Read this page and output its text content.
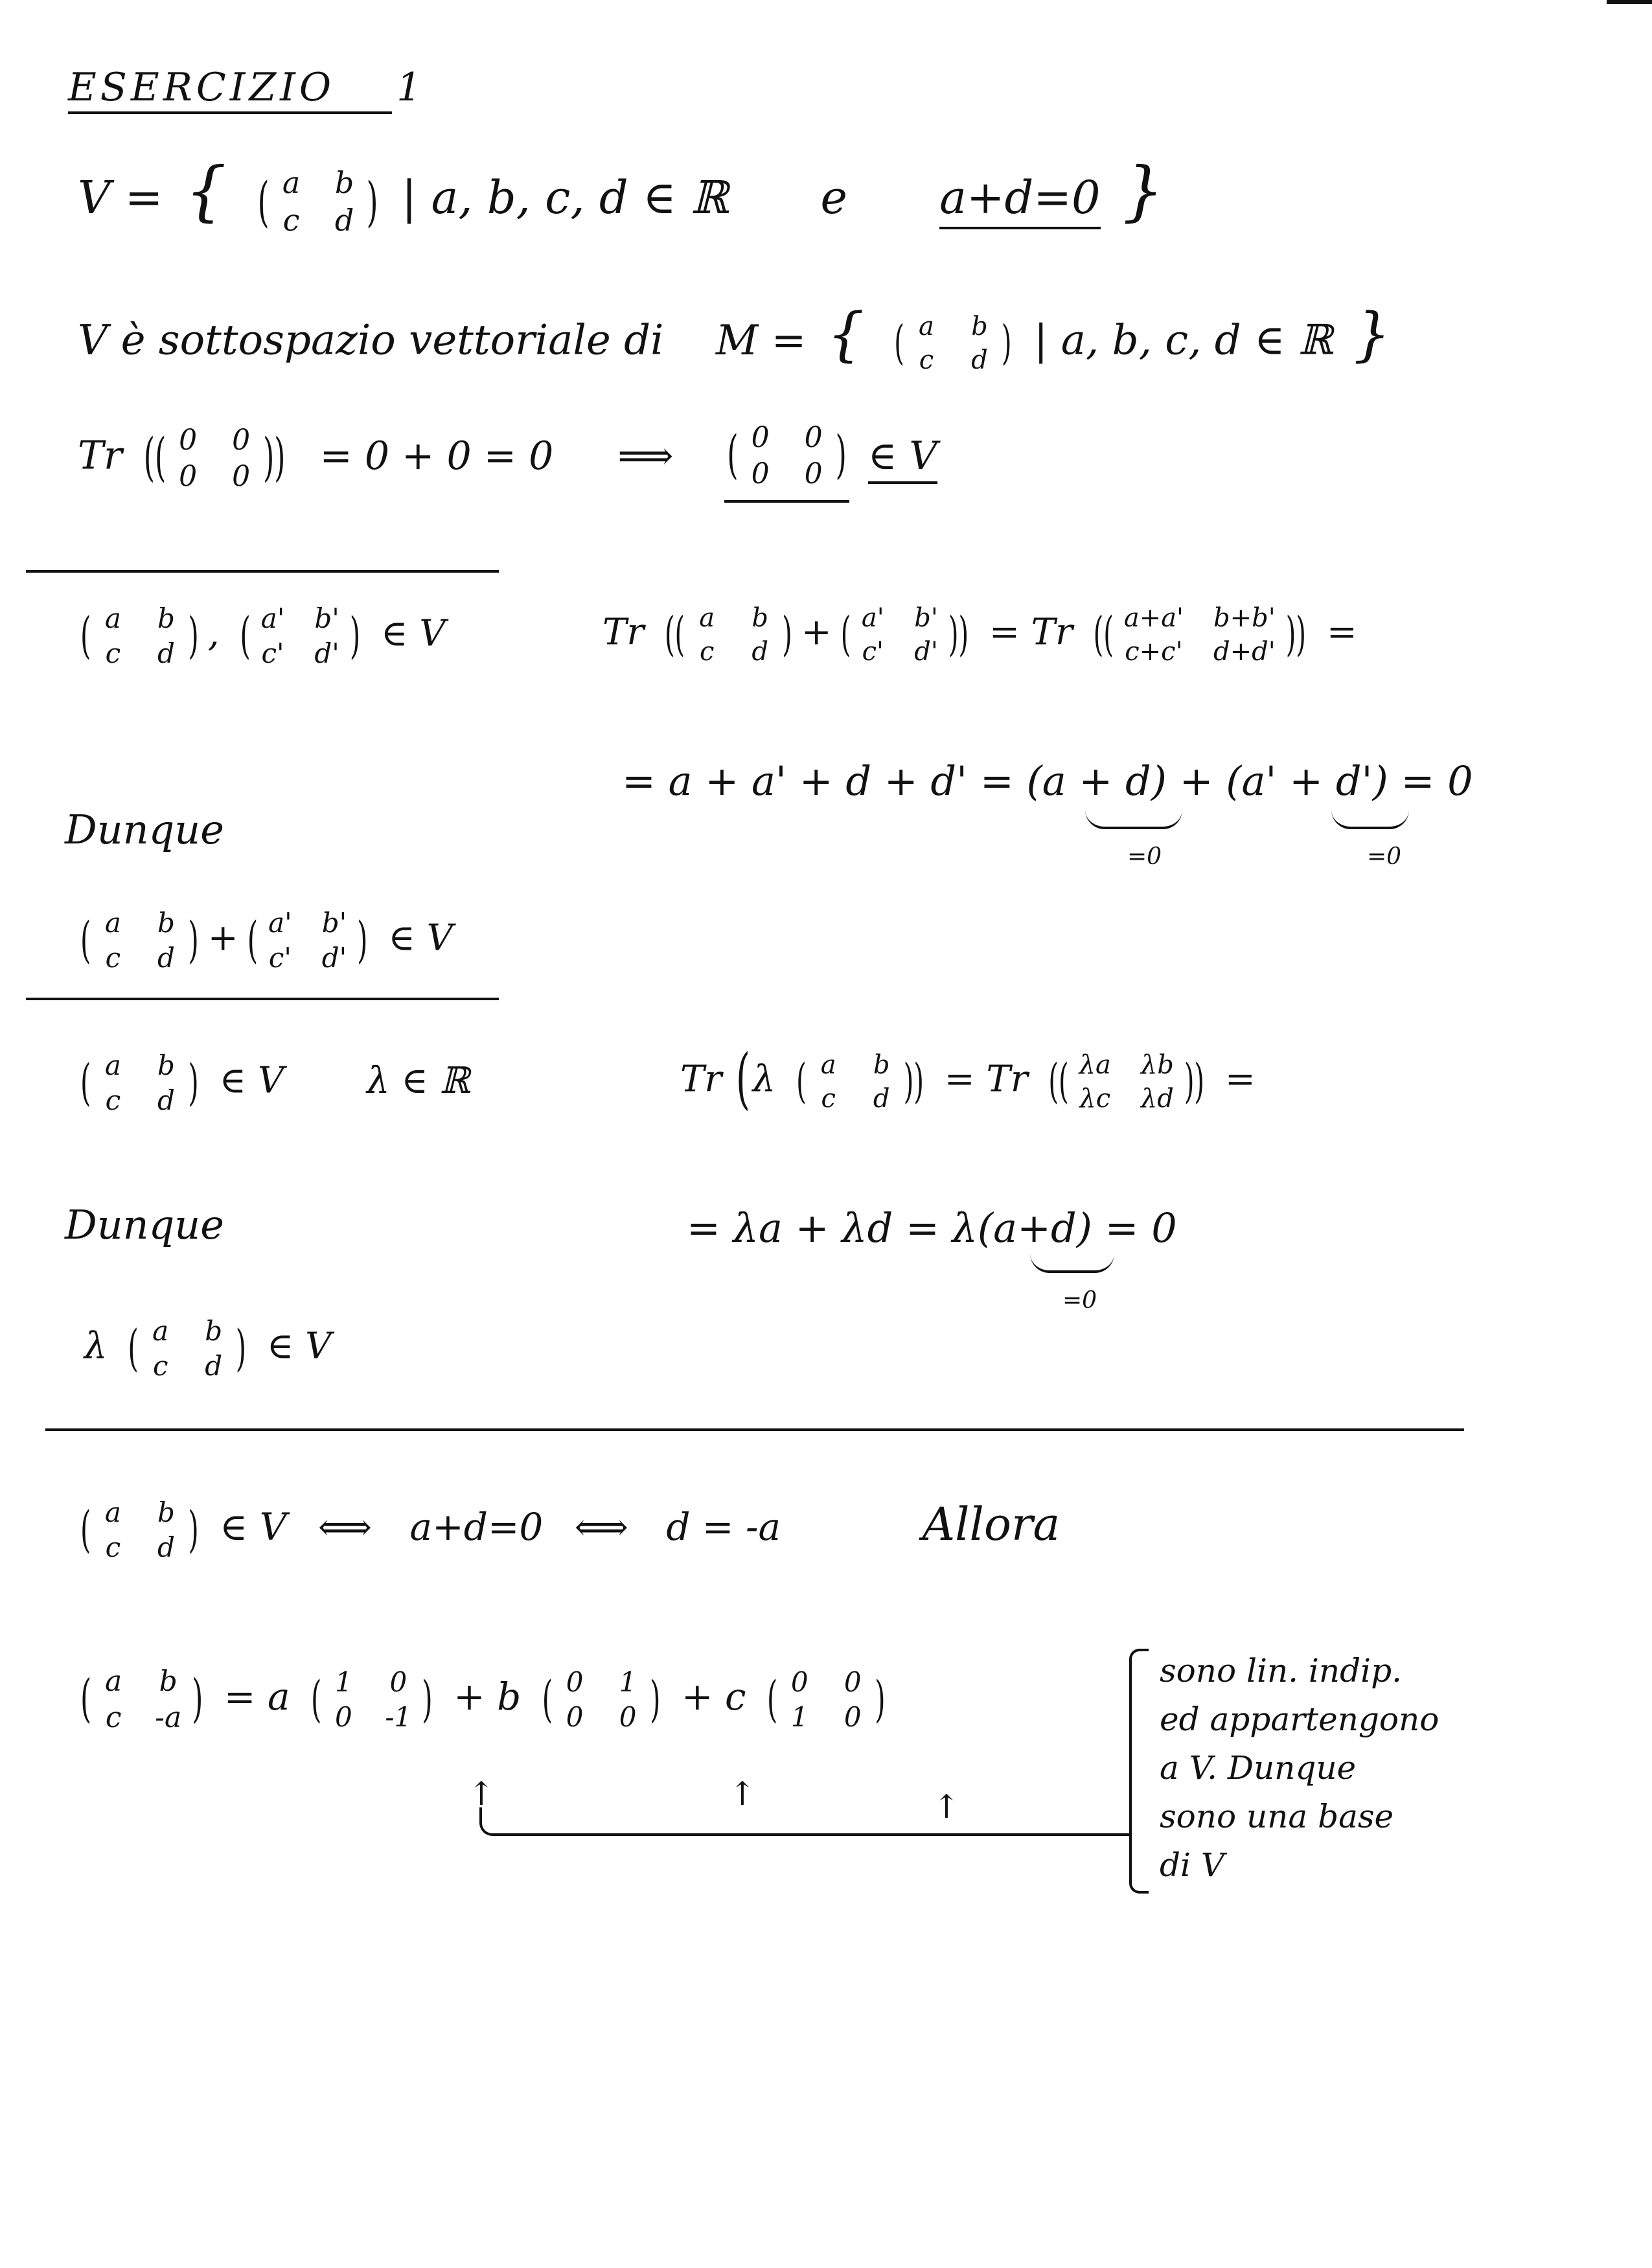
ESERCIZIO 1
V = { ( a b
c d ) | a, b, c, d ∈ ℝ e a+d=0 }
V è sottospazio vettoriale di M = { ( a b
c d ) | a, b, c, d ∈ ℝ }
Tr (( 0 0
0 0 )) = 0 + 0 = 0 ⟹ ( 0 0
0 0 ) ∈ V
( a b
c d ) , ( a' b'
c' d' ) ∈ V	Tr (( a b
c d ) + ( a' b'
c' d' )) = Tr (( a+a' b+b'
c+c' d+d' )) =
= a + a' + d + d' = (a + d) + (a' + d') = 0
=0	=0
Dunque
( a b
c d ) + ( a' b'
c' d' ) ∈ V
( a b
c d ) ∈ V λ ∈ ℝ	Tr (λ ( a b
c d )) = Tr (( λa λb
λc λd )) =
Dunque	= λa + λd = λ(a+d) = 0
=0
λ ( a b
c d ) ∈ V
( a b
c d ) ∈ V ⟺ a+d=0 ⟺ d = -a	Allora
( a b
c -a ) = a ( 1 0
0 -1 ) + b ( 0 1
0 0 ) + c ( 0 0
1 0 )
↑	↑	↑
sono lin. indip.
ed appartengono
a V. Dunque
sono una base
di V
